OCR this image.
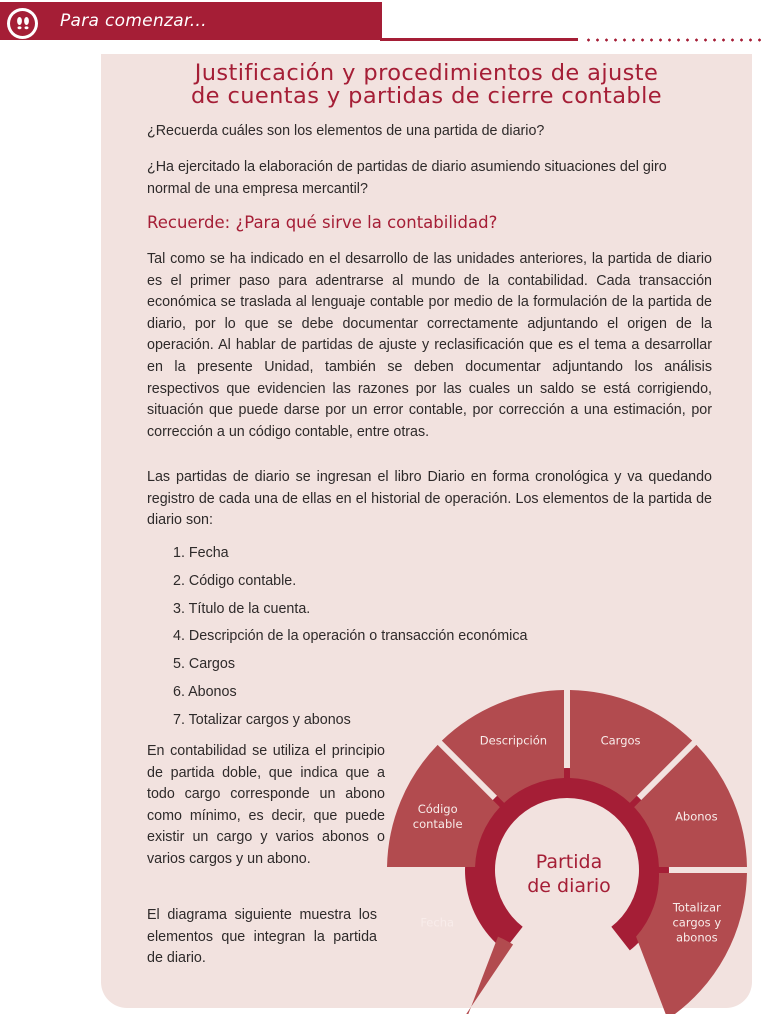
Para comenzar...
Justificación y procedimientos de ajuste
de cuentas y partidas de cierre contable

¿Recuerda cuáles son los elementos de una partida de diario?

¿Ha ejercitado la elaboración de partidas de diario asumiendo situaciones del giro normal de una empresa mercantil?

Recuerde: ¿Para qué sirve la contabilidad?

Tal como se ha indicado en el desarrollo de las unidades anteriores, la partida de diario es el primer paso para adentrarse al mundo de la contabilidad. Cada transacción económica se traslada al lenguaje contable por medio de la formulación de la partida de diario, por lo que se debe documentar correctamente adjuntando el origen de la operación. Al hablar de partidas de ajuste y reclasificación que es el tema a desarrollar en la presente Unidad, también se deben documentar adjuntando los análisis respectivos que evidencien las razones por las cuales un saldo se está corrigiendo, situación que puede darse por un error contable, por corrección a una estimación, por corrección a un código contable, entre otras.

Las partidas de diario se ingresan el libro Diario en forma cronológica y va quedando registro de cada una de ellas en el historial de operación. Los elementos de la partida de diario son:

1. Fecha
2. Código contable.
3. Título de la cuenta.
4. Descripción de la operación o transacción económica
5. Cargos
6. Abonos
7. Totalizar cargos y abonos

En contabilidad se utiliza el principio de partida doble, que indica que a todo cargo corresponde un abono como mínimo, es decir, que puede existir un cargo y varios abonos o varios cargos y un abono.

El diagrama siguiente muestra los elementos que integran la partida de diario.

Fecha
Código contable
Descripción	Cargos
Abonos
Totalizar cargos y abonos
Partida
de diario
